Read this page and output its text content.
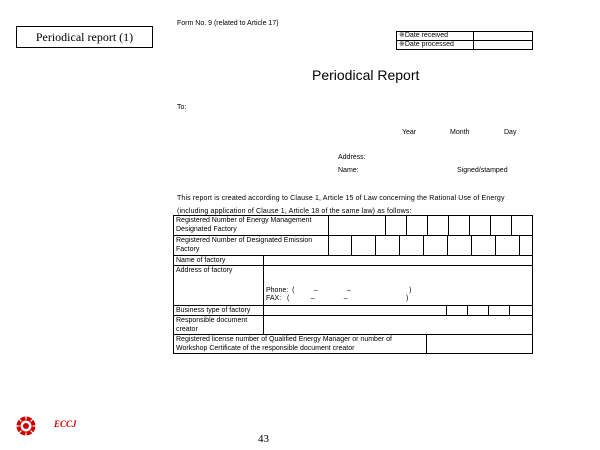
Periodical report (1)
Form No. 9 (related to Article 17)
※Date received	
※Date processed	
Periodical Report
To:
Year	Month	Day
Address:
Name:	Signed/stamped
This report is created according to Clause 1, Article 15 of Law concerning the Rational Use of Energy (including application of Clause 1, Article 18 of the same law) as follows:
Registered Number of Energy Management Designated Factory
Registered Number of Designated Emission Factory
Name of factory
Address of factory
Phone:  (          –               –                              )
FAX:   (           –               –                              )
Business type of factory
Responsible document creator
Registered license number of Qualified Energy Manager or number of Workshop Certificate of the responsible document creator
ECCJ
43
